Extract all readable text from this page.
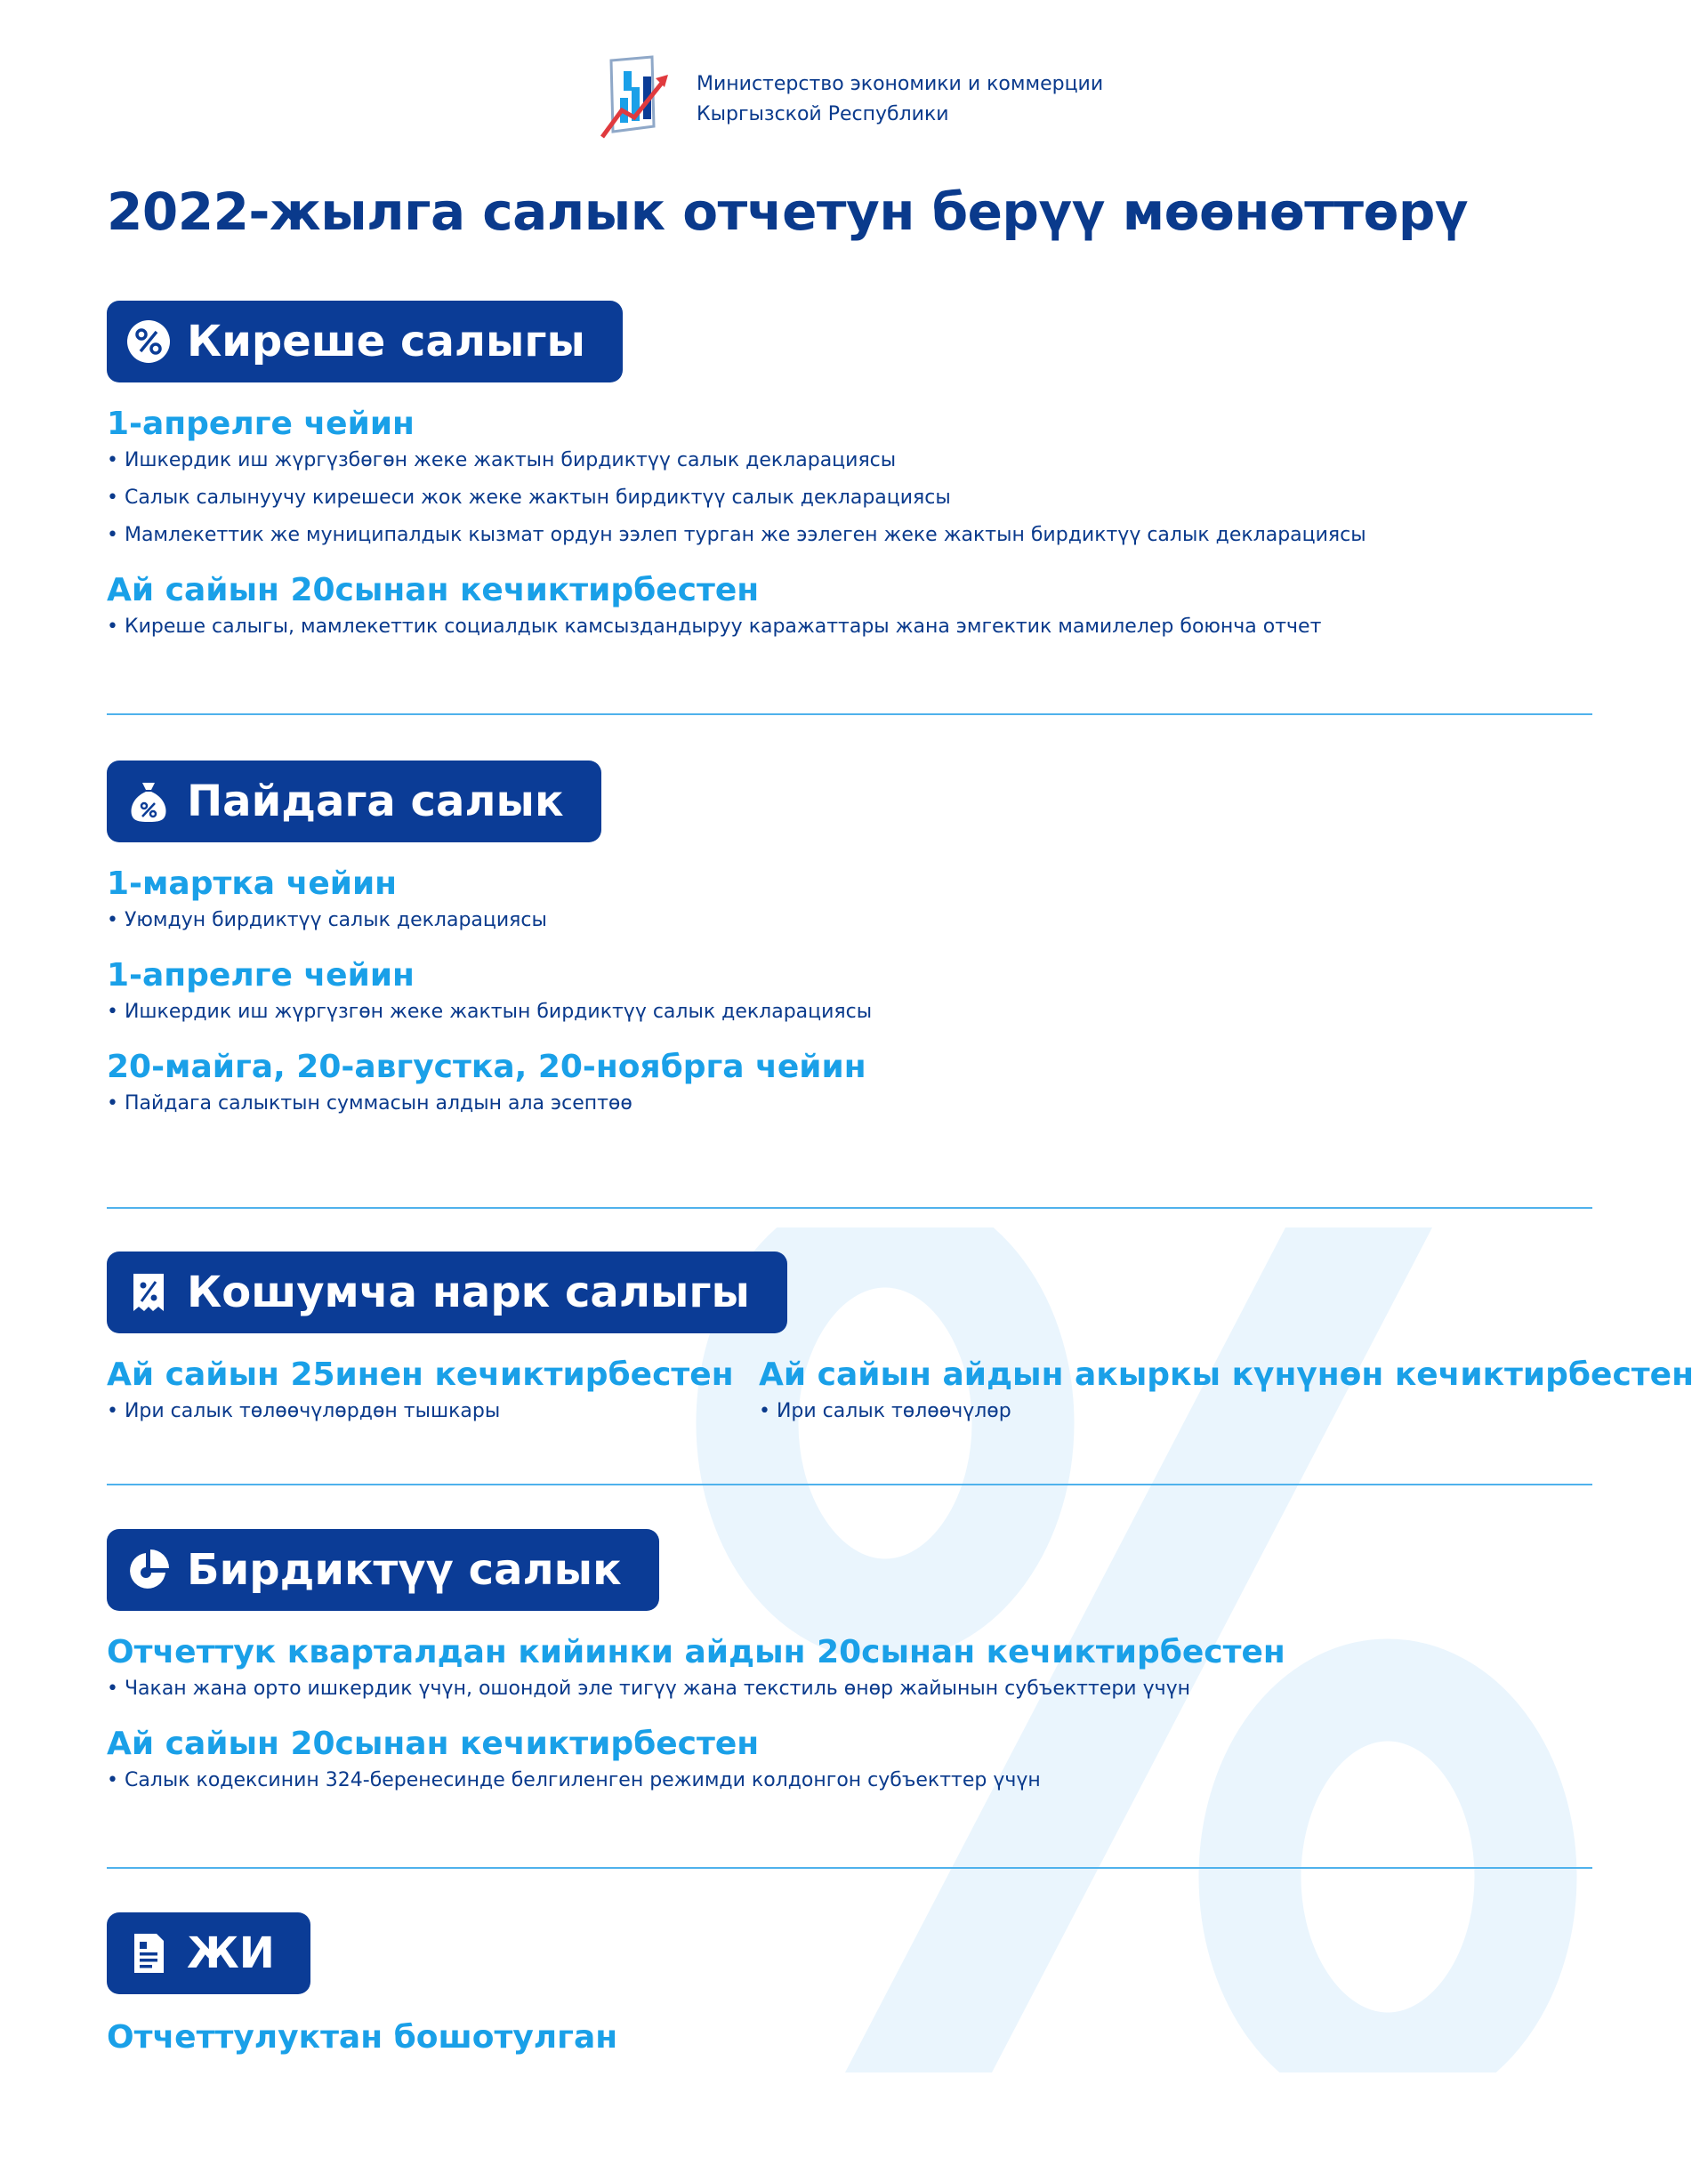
Министерство экономики и коммерции
Кыргызской Республики
2022-жылга салык отчетун берүү мөөнөттөрү
Киреше салыгы
1-апрелге чейин
• Ишкердик иш жүргүзбөгөн жеке жактын бирдиктүү салык декларациясы
• Салык салынуучу кирешеси жок жеке жактын бирдиктүү салык декларациясы
• Мамлекеттик же муниципалдык кызмат ордун ээлеп турган же ээлеген жеке жактын бирдиктүү салык декларациясы
Ай сайын 20сынан кечиктирбестен
• Киреше салыгы, мамлекеттик социалдык камсыздандыруу каражаттары жана эмгектик мамилелер боюнча отчет
Пайдага салык
1-мартка чейин
• Уюмдун бирдиктүү салык декларациясы
1-апрелге чейин
• Ишкердик иш жүргүзгөн жеке жактын бирдиктүү салык декларациясы
20-майга, 20-августка, 20-ноябрга чейин
• Пайдага салыктын суммасын алдын ала эсептөө
Кошумча нарк салыгы
Ай сайын 25инен кечиктирбестен
• Ири салык төлөөчүлөрдөн тышкары
Ай сайын айдын акыркы күнүнөн кечиктирбестен
• Ири салык төлөөчүлөр
Бирдиктүү салык
Отчеттук кварталдан кийинки айдын 20сынан кечиктирбестен
• Чакан жана орто ишкердик үчүн, ошондой эле тигүү жана текстиль өнөр жайынын субъекттери үчүн
Ай сайын 20сынан кечиктирбестен
• Салык кодексинин 324-беренесинде белгиленген режимди колдонгон субъекттер үчүн
ЖИ
Отчеттулуктан бошотулган
